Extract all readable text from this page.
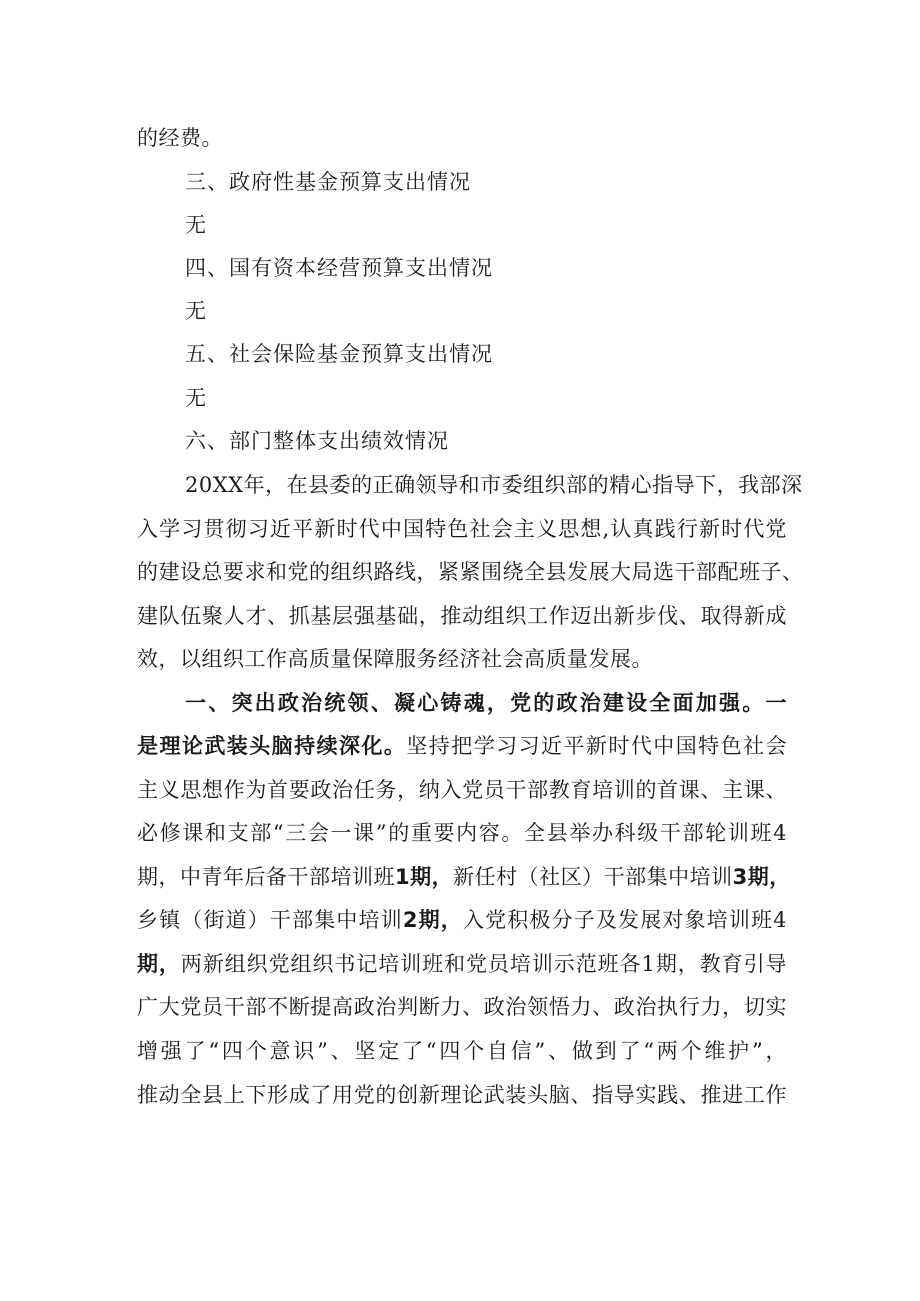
的经费。
三、政府性基金预算支出情况
无
四、国有资本经营预算支出情况
无
五、社会保险基金预算支出情况
无
六、部门整体支出绩效情况
20XX年，在县委的正确领导和市委组织部的精心指导下，我部深
入学习贯彻习近平新时代中国特色社会主义思想,认真践行新时代党
的建设总要求和党的组织路线，紧紧围绕全县发展大局选干部配班子、
建队伍聚人才、抓基层强基础，推动组织工作迈出新步伐、取得新成
效，以组织工作高质量保障服务经济社会高质量发展。
一、突出政治统领、凝心铸魂，党的政治建设全面加强。一
是理论武装头脑持续深化。坚持把学习习近平新时代中国特色社会
主义思想作为首要政治任务，纳入党员干部教育培训的首课、主课、
必修课和支部“三会一课”的重要内容。全县举办科级干部轮训班4
期，中青年后备干部培训班1期，新任村（社区）干部集中培训3期，
乡镇（街道）干部集中培训2期，入党积极分子及发展对象培训班4
期，两新组织党组织书记培训班和党员培训示范班各1期，教育引导
广大党员干部不断提高政治判断力、政治领悟力、政治执行力，切实
增强了“四个意识”、坚定了“四个自信”、做到了“两个维护”，
推动全县上下形成了用党的创新理论武装头脑、指导实践、推进工作
